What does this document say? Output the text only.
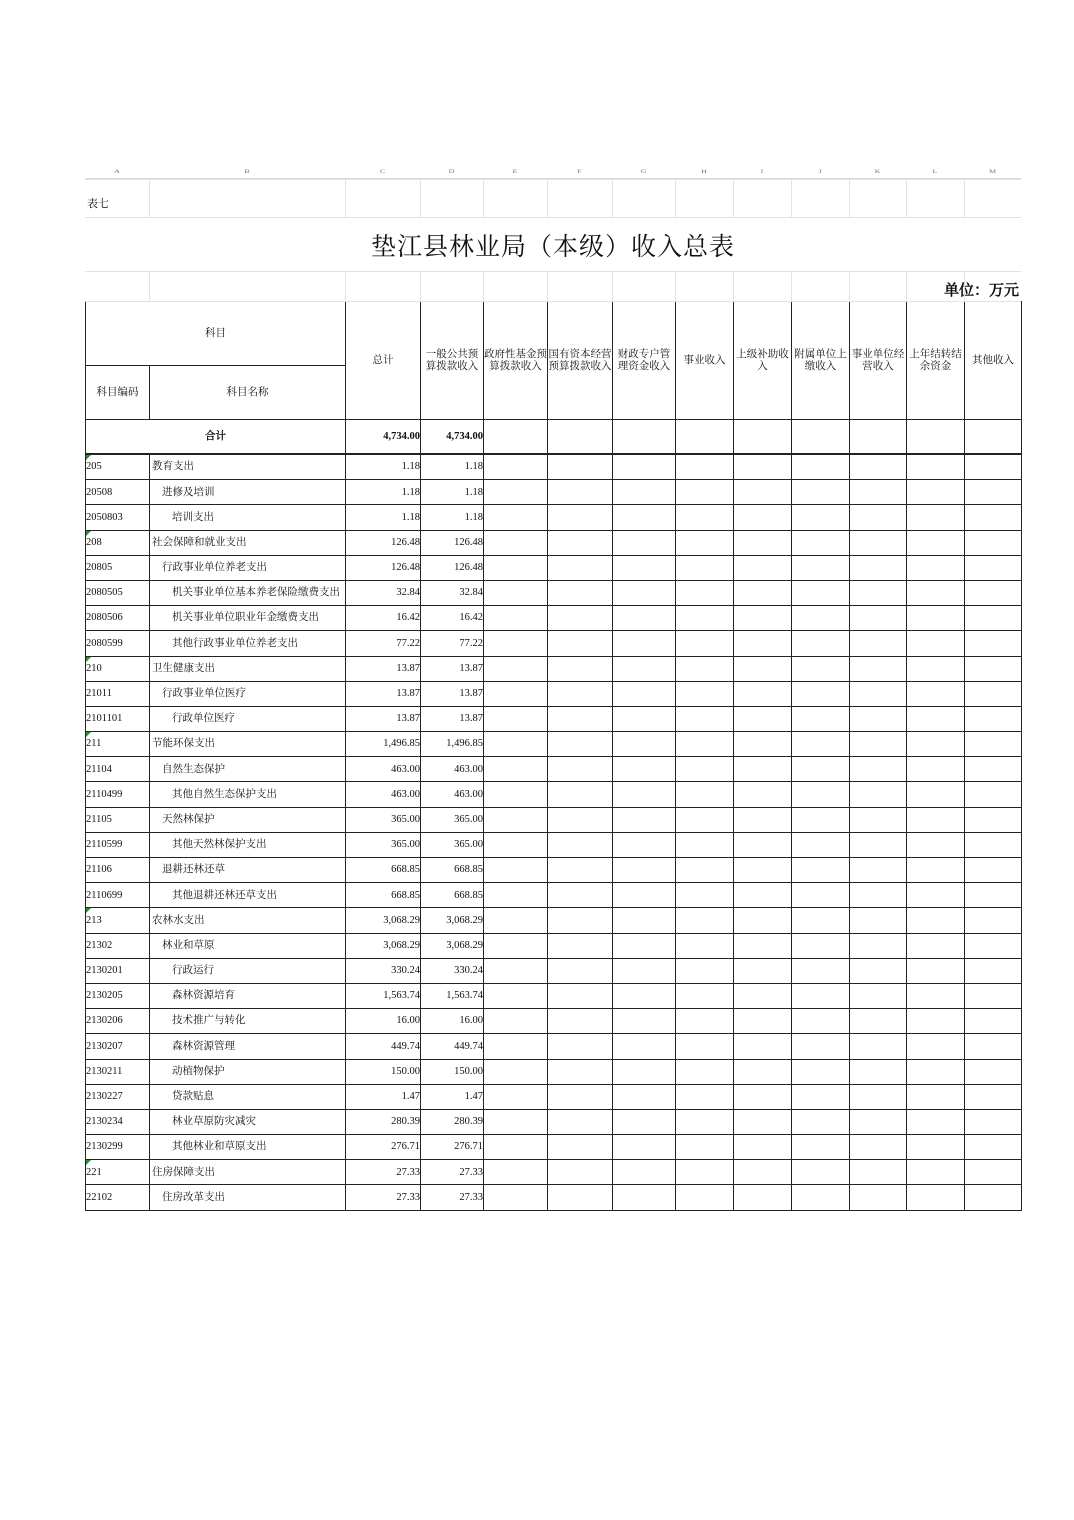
A	B	C	D	E	F	G	H	I	J	K	L	M
表七
垫江县林业局（本级）收入总表
单位：万元
科目		总计	一般公共预算拨款收入	政府性基金预算拨款收入	国有资本经营预算拨款收入	财政专户管理资金收入	事业收入	上级补助收入	附属单位上缴收入	事业单位经营收入	上年结转结余资金	其他收入
科目编码	科目名称											
合计		4,734.00	4,734.00									

205	教育支出	1.18	1.18									
20508	进修及培训	1.18	1.18									
2050803	培训支出	1.18	1.18									

208	社会保障和就业支出	126.48	126.48									
20805	行政事业单位养老支出	126.48	126.48									
2080505	机关事业单位基本养老保险缴费支出	32.84	32.84									
2080506	机关事业单位职业年金缴费支出	16.42	16.42									
2080599	其他行政事业单位养老支出	77.22	77.22									

210	卫生健康支出	13.87	13.87									
21011	行政事业单位医疗	13.87	13.87									
2101101	行政单位医疗	13.87	13.87									

211	节能环保支出	1,496.85	1,496.85									
21104	自然生态保护	463.00	463.00									
2110499	其他自然生态保护支出	463.00	463.00									
21105	天然林保护	365.00	365.00									
2110599	其他天然林保护支出	365.00	365.00									
21106	退耕还林还草	668.85	668.85									
2110699	其他退耕还林还草支出	668.85	668.85									

213	农林水支出	3,068.29	3,068.29									
21302	林业和草原	3,068.29	3,068.29									
2130201	行政运行	330.24	330.24									
2130205	森林资源培育	1,563.74	1,563.74									
2130206	技术推广与转化	16.00	16.00									
2130207	森林资源管理	449.74	449.74									
2130211	动植物保护	150.00	150.00									
2130227	贷款贴息	1.47	1.47									
2130234	林业草原防灾减灾	280.39	280.39									
2130299	其他林业和草原支出	276.71	276.71									

221	住房保障支出	27.33	27.33									
22102	住房改革支出	27.33	27.33									
